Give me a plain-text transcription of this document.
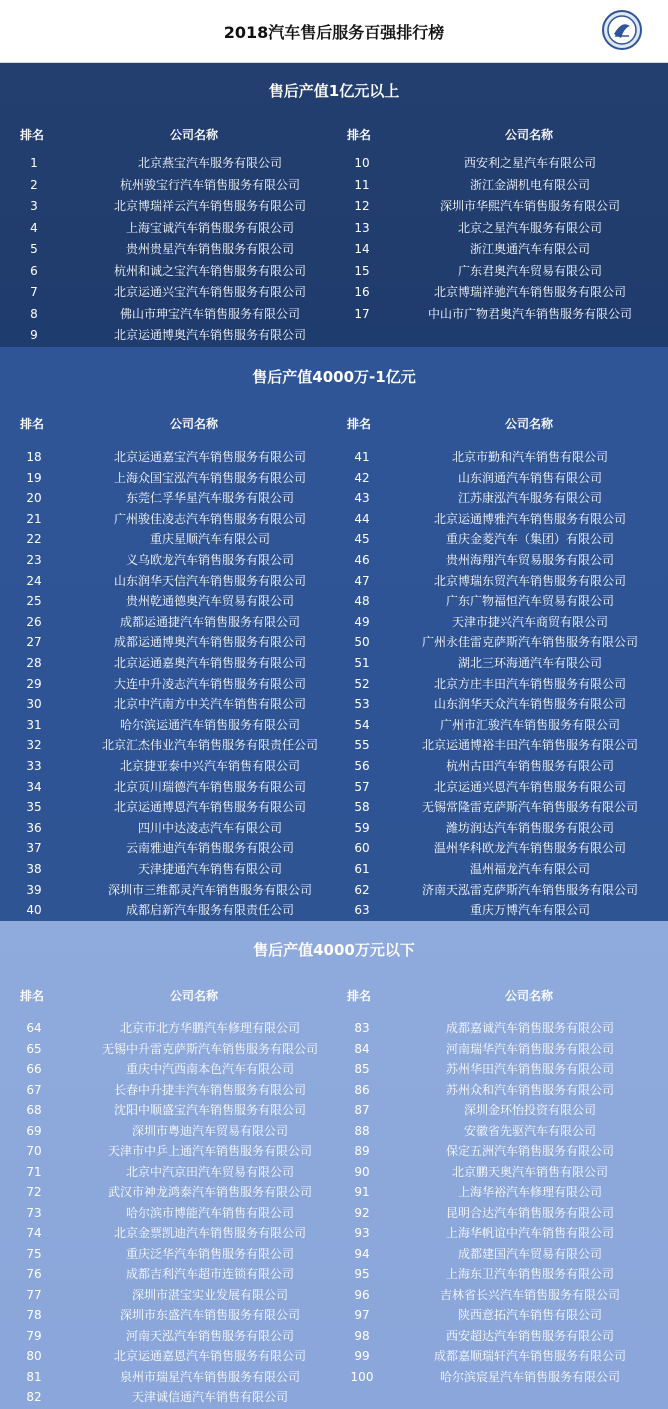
2018汽车售后服务百强排行榜
售后产值1亿元以上
排名	公司名称	排名	公司名称
1	北京燕宝汽车服务有限公司	10	西安利之星汽车有限公司
2	杭州骏宝行汽车销售服务有限公司	11	浙江金湖机电有限公司
3	北京博瑞祥云汽车销售服务有限公司	12	深圳市华熙汽车销售服务有限公司
4	上海宝诚汽车销售服务有限公司	13	北京之星汽车服务有限公司
5	贵州贵星汽车销售服务有限公司	14	浙江奥通汽车有限公司
6	杭州和诚之宝汽车销售服务有限公司	15	广东君奥汽车贸易有限公司
7	北京运通兴宝汽车销售服务有限公司	16	北京博瑞祥驰汽车销售服务有限公司
8	佛山市珅宝汽车销售服务有限公司	17	中山市广物君奥汽车销售服务有限公司
9	北京运通博奥汽车销售服务有限公司
售后产值4000万-1亿元
排名	公司名称	排名	公司名称
18	北京运通嘉宝汽车销售服务有限公司	41	北京市勤和汽车销售有限公司
19	上海众国宝泓汽车销售服务有限公司	42	山东润通汽车销售有限公司
20	东莞仁孚华星汽车服务有限公司	43	江苏康泓汽车服务有限公司
21	广州骏佳凌志汽车销售服务有限公司	44	北京运通博雅汽车销售服务有限公司
22	重庆星顺汽车有限公司	45	重庆金菱汽车（集团）有限公司
23	义乌欧龙汽车销售服务有限公司	46	贵州海翔汽车贸易服务有限公司
24	山东润华天信汽车销售服务有限公司	47	北京博瑞东贸汽车销售服务有限公司
25	贵州乾通德奥汽车贸易有限公司	48	广东广物福恒汽车贸易有限公司
26	成都运通捷汽车销售服务有限公司	49	天津市捷兴汽车商贸有限公司
27	成都运通博奥汽车销售服务有限公司	50	广州永佳雷克萨斯汽车销售服务有限公司
28	北京运通嘉奥汽车销售服务有限公司	51	湖北三环海通汽车有限公司
29	大连中升凌志汽车销售服务有限公司	52	北京方庄丰田汽车销售服务有限公司
30	北京中汽南方中关汽车销售有限公司	53	山东润华天众汽车销售服务有限公司
31	哈尔滨运通汽车销售服务有限公司	54	广州市汇骏汽车销售服务有限公司
32	北京汇杰伟业汽车销售服务有限责任公司	55	北京运通博裕丰田汽车销售服务有限公司
33	北京捷亚泰中兴汽车销售有限公司	56	杭州古田汽车销售服务有限公司
34	北京页川瑞德汽车销售服务有限公司	57	北京运通兴恩汽车销售服务有限公司
35	北京运通博恩汽车销售服务有限公司	58	无锡常隆雷克萨斯汽车销售服务有限公司
36	四川中达凌志汽车有限公司	59	潍坊润达汽车销售服务有限公司
37	云南雅迪汽车销售服务有限公司	60	温州华科欧龙汽车销售服务有限公司
38	天津捷通汽车销售有限公司	61	温州福龙汽车有限公司
39	深圳市三维都灵汽车销售服务有限公司	62	济南天泓雷克萨斯汽车销售服务有限公司
40	成都启新汽车服务有限责任公司	63	重庆万博汽车有限公司
售后产值4000万元以下
排名	公司名称	排名	公司名称
64	北京市北方华鹏汽车修理有限公司	83	成都嘉诚汽车销售服务有限公司
65	无锡中升雷克萨斯汽车销售服务有限公司	84	河南瑞华汽车销售服务有限公司
66	重庆中汽西南本色汽车有限公司	85	苏州华田汽车销售服务有限公司
67	长春中升捷丰汽车销售服务有限公司	86	苏州众和汽车销售服务有限公司
68	沈阳中顺盛宝汽车销售服务有限公司	87	深圳金环怡投资有限公司
69	深圳市粤迪汽车贸易有限公司	88	安徽省先驱汽车有限公司
70	天津市中乒上通汽车销售服务有限公司	89	保定五洲汽车销售服务有限公司
71	北京中汽京田汽车贸易有限公司	90	北京鹏天奥汽车销售有限公司
72	武汉市神龙鸿泰汽车销售服务有限公司	91	上海华裕汽车修理有限公司
73	哈尔滨市博能汽车销售有限公司	92	昆明合达汽车销售服务有限公司
74	北京金票凯迪汽车销售服务有限公司	93	上海华帆谊中汽车销售有限公司
75	重庆泛华汽车销售服务有限公司	94	成都建国汽车贸易有限公司
76	成都吉利汽车超市连锁有限公司	95	上海东卫汽车销售服务有限公司
77	深圳市湛宝实业发展有限公司	96	吉林省长兴汽车销售服务有限公司
78	深圳市东盛汽车销售服务有限公司	97	陕西意拓汽车销售有限公司
79	河南天泓汽车销售服务有限公司	98	西安超达汽车销售服务有限公司
80	北京运通嘉恩汽车销售服务有限公司	99	成都嘉顺瑞轩汽车销售服务有限公司
81	泉州市瑞星汽车销售服务有限公司	100	哈尔滨宸星汽车销售服务有限公司
82	天津诚信通汽车销售有限公司
